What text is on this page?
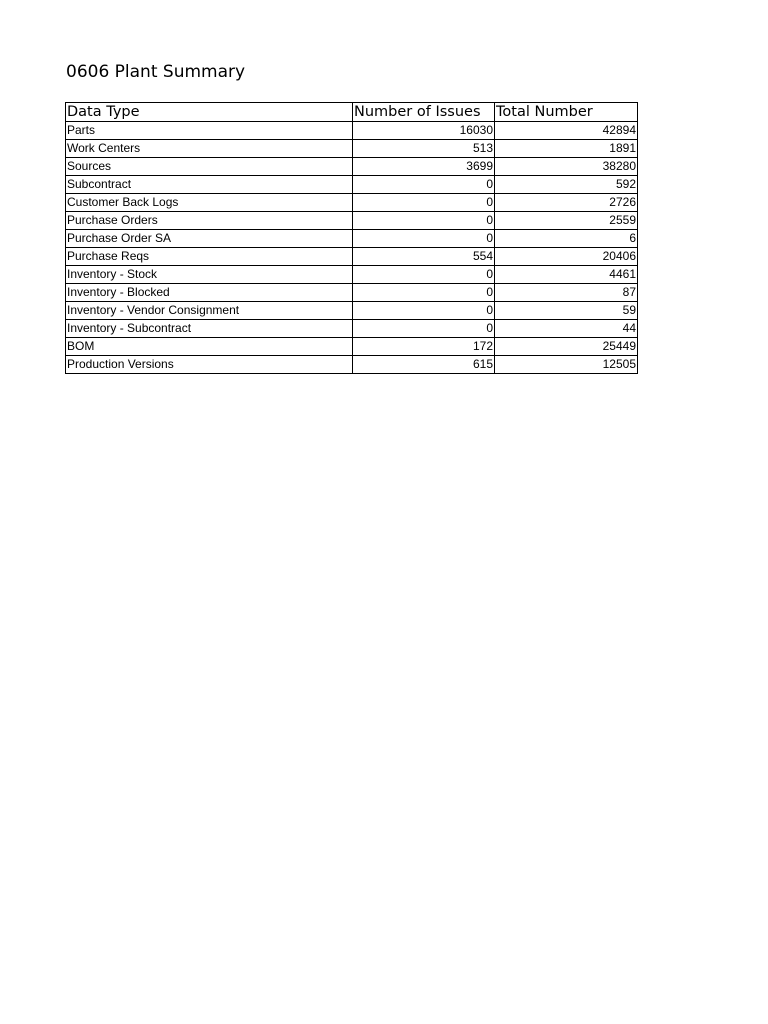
0606 Plant Summary
Data Type	Number of Issues	Total Number
Parts	16030	42894
Work Centers	513	1891
Sources	3699	38280
Subcontract	0	592
Customer Back Logs	0	2726
Purchase Orders	0	2559
Purchase Order SA	0	6
Purchase Reqs	554	20406
Inventory - Stock	0	4461
Inventory - Blocked	0	87
Inventory - Vendor Consignment	0	59
Inventory - Subcontract	0	44
BOM	172	25449
Production Versions	615	12505
